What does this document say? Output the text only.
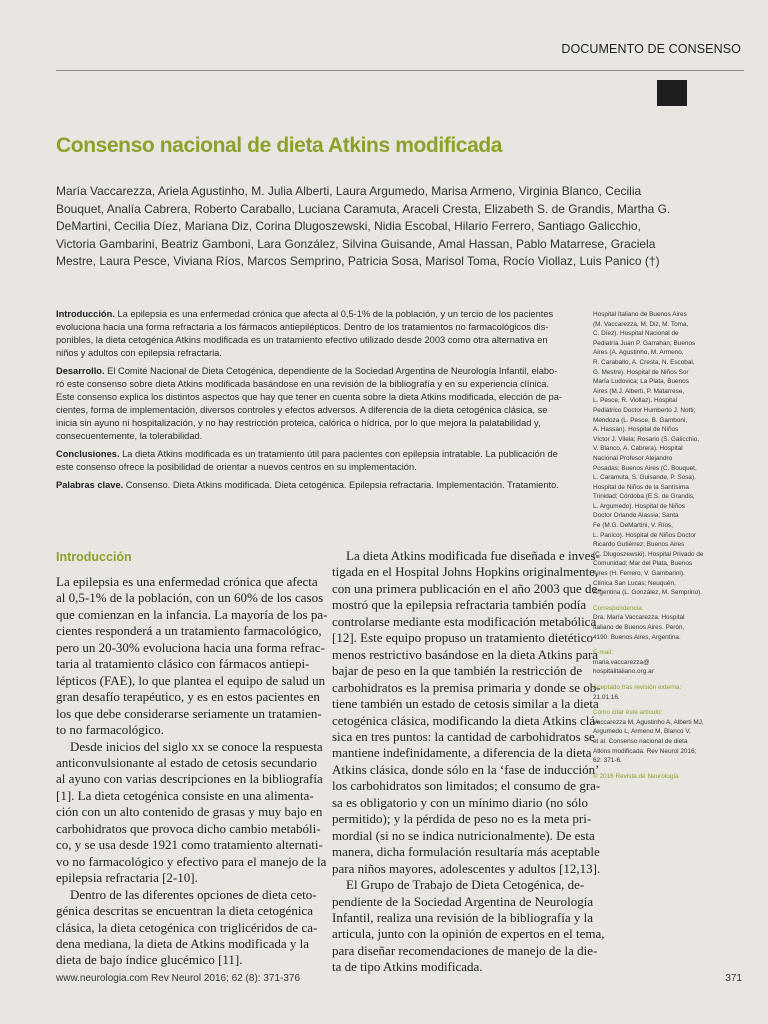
DOCUMENTO DE CONSENSO
Consenso nacional de dieta Atkins modificada
María Vaccarezza, Ariela Agustinho, M. Julia Alberti, Laura Argumedo, Marisa Armeno, Virginia Blanco, Cecilia
Bouquet, Analía Cabrera, Roberto Caraballo, Luciana Caramuta, Araceli Cresta, Elizabeth S. de Grandis, Martha G.
DeMartini, Cecilia Díez, Mariana Diz, Corina Dlugoszewski, Nidia Escobal, Hilario Ferrero, Santiago Galicchio,
Victoria Gambarini, Beatriz Gamboni, Lara González, Silvina Guisande, Amal Hassan, Pablo Matarrese, Graciela
Mestre, Laura Pesce, Viviana Ríos, Marcos Semprino, Patricia Sosa, Marisol Toma, Rocío Viollaz, Luis Panico (†)

Introducción. La epilepsia es una enfermedad crónica que afecta al 0,5-1% de la población, y un tercio de los pacientes
evoluciona hacia una forma refractaria a los fármacos antiepilépticos. Dentro de los tratamientos no farmacológicos dis-
ponibles, la dieta cetogénica Atkins modificada es un tratamiento efectivo utilizado desde 2003 como otra alternativa en
niños y adultos con epilepsia refractaria.

Desarrollo. El Comité Nacional de Dieta Cetogénica, dependiente de la Sociedad Argentina de Neurología Infantil, elabo-
ró este consenso sobre dieta Atkins modificada basándose en una revisión de la bibliografía y en su experiencia clínica.
Este consenso explica los distintos aspectos que hay que tener en cuenta sobre la dieta Atkins modificada, elección de pa-
cientes, forma de implementación, diversos controles y efectos adversos. A diferencia de la dieta cetogénica clásica, se
inicia sin ayuno ni hospitalización, y no hay restricción proteica, calórica o hídrica, por lo que mejora la palatabilidad y,
consecuentemente, la tolerabilidad.

Conclusiones. La dieta Atkins modificada es un tratamiento útil para pacientes con epilepsia intratable. La publicación de
este consenso ofrece la posibilidad de orientar a nuevos centros en su implementación.

Palabras clave. Consenso. Dieta Atkins modificada. Dieta cetogénica. Epilepsia refractaria. Implementación. Tratamiento.

Hospital Italiano de Buenos Aires
(M. Vaccarezza, M. Diz, M. Toma,
C. Díez). Hospital Nacional de
Pediatría Juan P. Garrahan; Buenos
Aires (A. Agustinho, M. Armeno,
R. Caraballo, A. Cresta, N. Escobal,
G. Mestre). Hospital de Niños Sor
María Ludovica; La Plata, Buenos
Aires (M.J. Alberti, P. Matarrese,
L. Pesce, R. Viollaz). Hospital
Pediátrico Doctor Humberto J. Notti;
Mendoza (L. Pesce, B. Gamboni,
A. Hassan). Hospital de Niños
Víctor J. Vilela; Rosario (S. Galicchio,
V. Blanco, A. Cabrera). Hospital
Nacional Profesor Alejandro
Posadas; Buenos Aires (C. Bouquet,
L. Caramuta, S. Guisande, P. Sosa).
Hospital de Niños de la Santísima
Trinidad; Córdoba (E.S. de Grandis,
L. Argumedo). Hospital de Niños
Doctor Orlando Alassia; Santa
Fe (M.G. DeMartini, V. Ríos,
L. Panico). Hospital de Niños Doctor
Ricardo Gutiérrez; Buenos Aires
(C. Dlugoszewski). Hospital Privado de
Comunidad; Mar del Plata, Buenos
Aires (H. Ferrero, V. Gambarini).
Clínica San Lucas; Neuquén,
Argentina (L. González, M. Semprino).
Correspondencia:
Dra. María Vaccarezza. Hospital
Italiano de Buenos Aires. Perón,
4190. Buenos Aires, Argentina.
E-mail:
maria.vaccarezza@
hospitalitaliano.org.ar
Aceptado tras revisión externa:
21.01.16.
Cómo citar este artículo:
Vaccarezza M, Agustinho A, Alberti MJ,
Argumedo L, Armeno M, Blanco V,
et al. Consenso nacional de dieta
Atkins modificada. Rev Neurol 2016;
62: 371-6.
© 2016 Revista de Neurología
Introducción
La epilepsia es una enfermedad crónica que afecta
al 0,5-1% de la población, con un 60% de los casos
que comienzan en la infancia. La mayoría de los pa-
cientes responderá a un tratamiento farmacológico,
pero un 20-30% evoluciona hacia una forma refrac-
taria al tratamiento clásico con fármacos antiepi-
lépticos (FAE), lo que plantea el equipo de salud un
gran desafío terapéutico, y es en estos pacientes en
los que debe considerarse seriamente un tratamien-
to no farmacológico.
Desde inicios del siglo xx se conoce la respuesta
anticonvulsionante al estado de cetosis secundario
al ayuno con varias descripciones en la bibliografía
[1]. La dieta cetogénica consiste en una alimenta-
ción con un alto contenido de grasas y muy bajo en
carbohidratos que provoca dicho cambio metabóli-
co, y se usa desde 1921 como tratamiento alternati-
vo no farmacológico y efectivo para el manejo de la
epilepsia refractaria [2-10].
Dentro de las diferentes opciones de dieta ceto-
génica descritas se encuentran la dieta cetogénica
clásica, la dieta cetogénica con triglicéridos de ca-
dena mediana, la dieta de Atkins modificada y la
dieta de bajo índice glucémico [11].
La dieta Atkins modificada fue diseñada e inves-
tigada en el Hospital Johns Hopkins originalmente,
con una primera publicación en el año 2003 que de-
mostró que la epilepsia refractaria también podía
controlarse mediante esta modificación metabólica
[12]. Este equipo propuso un tratamiento dietético
menos restrictivo basándose en la dieta Atkins para
bajar de peso en la que también la restricción de
carbohidratos es la premisa primaria y donde se ob-
tiene también un estado de cetosis similar a la dieta
cetogénica clásica, modificando la dieta Atkins clá-
sica en tres puntos: la cantidad de carbohidratos se
mantiene indefinidamente, a diferencia de la dieta
Atkins clásica, donde sólo en la ‘fase de inducción’
los carbohidratos son limitados; el consumo de gra-
sa es obligatorio y con un mínimo diario (no sólo
permitido); y la pérdida de peso no es la meta pri-
mordial (si no se indica nutricionalmente). De esta
manera, dicha formulación resultaría más aceptable
para niños mayores, adolescentes y adultos [12,13].
El Grupo de Trabajo de Dieta Cetogénica, de-
pendiente de la Sociedad Argentina de Neurología
Infantil, realiza una revisión de la bibliografía y la
articula, junto con la opinión de expertos en el tema,
para diseñar recomendaciones de manejo de la die-
ta de tipo Atkins modificada.
www.neurologia.com Rev Neurol 2016; 62 (8): 371-376	371
